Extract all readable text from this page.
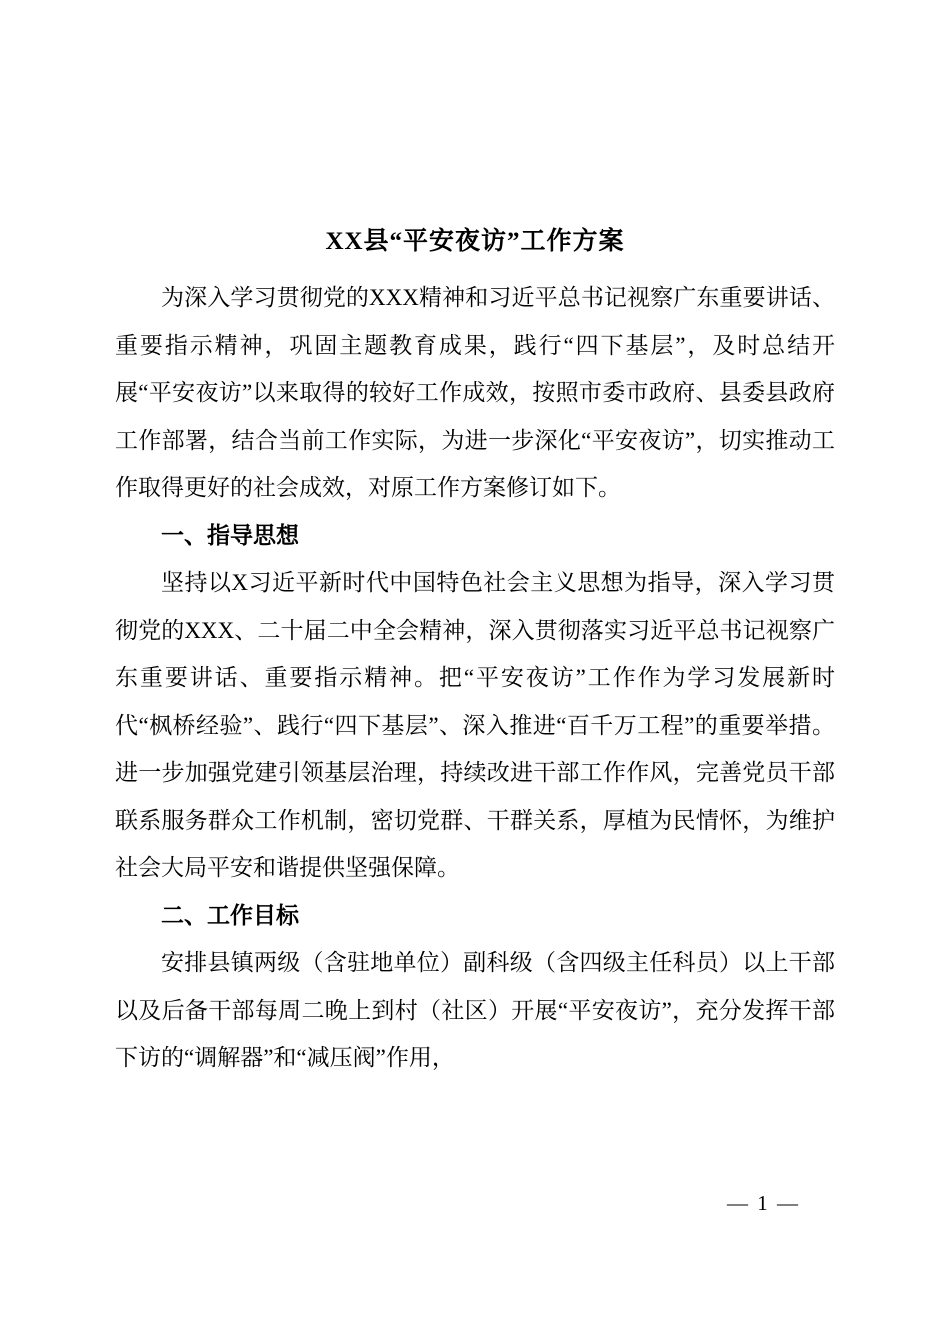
XX县“平安夜访”工作方案

为深入学习贯彻党的XXX精神和习近平总书记视察广东重要讲话、重要指示精神，巩固主题教育成果，践行“四下基层”，及时总结开展“平安夜访”以来取得的较好工作成效，按照市委市政府、县委县政府工作部署，结合当前工作实际，为进一步深化“平安夜访”，切实推动工作取得更好的社会成效，对原工作方案修订如下。

一、指导思想

坚持以X习近平新时代中国特色社会主义思想为指导，深入学习贯彻党的XXX、二十届二中全会精神，深入贯彻落实习近平总书记视察广东重要讲话、重要指示精神。把“平安夜访”工作作为学习发展新时代“枫桥经验”、践行“四下基层”、深入推进“百千万工程”的重要举措。进一步加强党建引领基层治理，持续改进干部工作作风，完善党员干部联系服务群众工作机制，密切党群、干群关系，厚植为民情怀，为维护社会大局平安和谐提供坚强保障。

二、工作目标

安排县镇两级（含驻地单位）副科级（含四级主任科员）以上干部以及后备干部每周二晚上到村（社区）开展“平安夜访”，充分发挥干部下访的“调解器”和“减压阀”作用，

— 1 —
